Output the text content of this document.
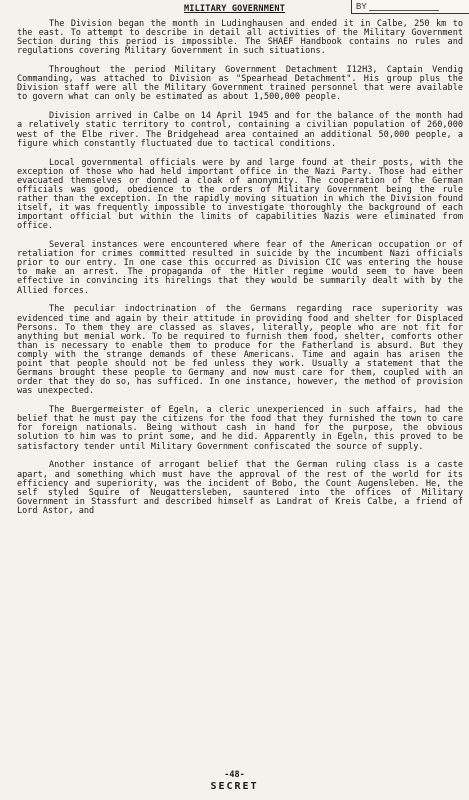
BY
MILITARY GOVERNMENT

The Division began the month in Ludinghausen and ended it in Calbe, 250 km to the east. To attempt to describe in detail all activities of the Military Government Section during this period is impossible. The SHAEF Handbook contains no rules and regulations covering Military Government in such situations.

Throughout the period Military Government Detachment I12H3, Captain Vendig Commanding, was attached to Division as "Spearhead Detachment". His group plus the Division staff were all the Military Government trained personnel that were available to govern what can only be estimated as about 1,500,000 people.

Division arrived in Calbe on 14 April 1945 and for the balance of the month had a relatively static territory to control, containing a civilian population of 260,000 west of the Elbe river. The Bridgehead area contained an additional 50,000 people, a figure which constantly fluctuated due to tactical conditions.

Local governmental officials were by and large found at their posts, with the exception of those who had held important office in the Nazi Party. Those had either evacuated themselves or donned a cloak of anonymity. The cooperation of the German officials was good, obedience to the orders of Military Government being the rule rather than the exception. In the rapidly moving situation in which the Division found itself, it was frequently impossible to investigate thoroughly the background of each important official but within the limits of capabilities Nazis were eliminated from office.

Several instances were encountered where fear of the American occupation or of retaliation for crimes committed resulted in suicide by the incumbent Nazi officials prior to our entry. In one case this occurred as Division CIC was entering the house to make an arrest. The propaganda of the Hitler regime would seem to have been effective in convincing its hirelings that they would be summarily dealt with by the Allied forces.

The peculiar indoctrination of the Germans regarding race superiority was evidenced time and again by their attitude in providing food and shelter for Displaced Persons. To them they are classed as slaves, literally, people who are not fit for anything but menial work. To be required to furnish them food, shelter, comforts other than is necessary to enable them to produce for the Fatherland is absurd. But they comply with the strange demands of these Americans. Time and again has arisen the point that people should not be fed unless they work. Usually a statement that the Germans brought these people to Germany and now must care for them, coupled with an order that they do so, has sufficed. In one instance, however, the method of provision was unexpected.

The Buergermeister of Egeln, a cleric unexperienced in such affairs, had the belief that he must pay the citizens for the food that they furnished the town to care for foreign nationals. Being without cash in hand for the purpose, the obvious solution to him was to print some, and he did. Apparently in Egeln, this proved to be satisfactory tender until Military Government confiscated the source of supply.

Another instance of arrogant belief that the German ruling class is a caste apart, and something which must have the approval of the rest of the world for its efficiency and superiority, was the incident of Bobo, the Count Augensleben. He, the self styled Squire of Neugattersleben, sauntered into the offices of Military Government in Stassfurt and described himself as Landrat of Kreis Calbe, a friend of Lord Astor, and

-48-
SECRET
